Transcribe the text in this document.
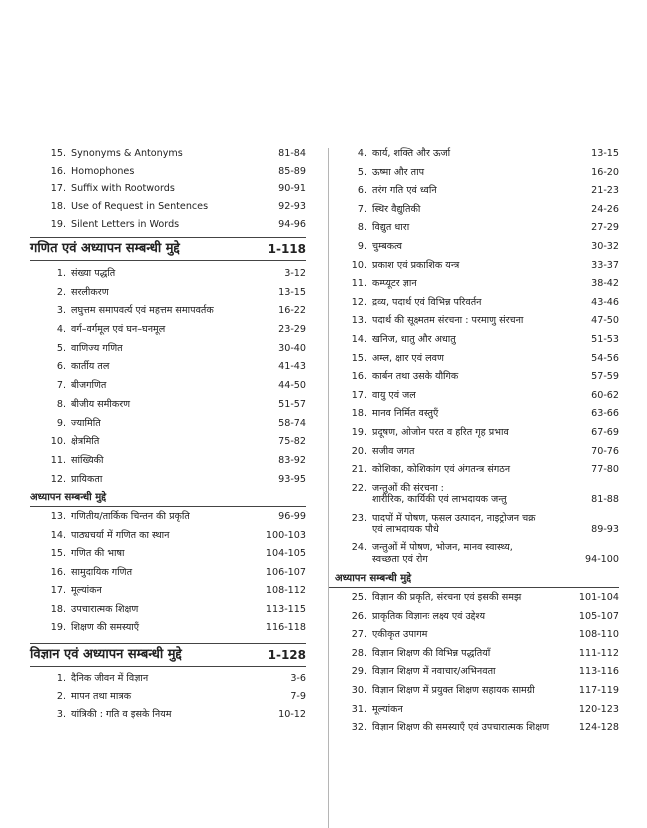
15. Synonyms & Antonyms	81-84
16. Homophones	85-89
17. Suffix with Rootwords	90-91
18. Use of Request in Sentences	92-93
19. Silent Letters in Words	94-96
गणित एवं अध्यापन सम्बन्धी मुद्दे	1-118
1. संख्या पद्धति	3-12
2. सरलीकरण	13-15
3. लघुत्तम समापवर्त्य एवं महत्तम समापवर्तक	16-22
4. वर्ग–वर्गमूल एवं घन–घनमूल	23-29
5. वाणिज्य गणित	30-40
6. कार्तीय तल	41-43
7. बीजगणित	44-50
8. बीजीय समीकरण	51-57
9. ज्यामिति	58-74
10. क्षेत्रमिति	75-82
11. सांख्यिकी	83-92
12. प्रायिकता	93-95
अध्यापन सम्बन्धी मुद्दे
13. गणितीय/तार्किक चिन्तन की प्रकृति	96-99
14. पाठ्यचर्या में गणित का स्थान	100-103
15. गणित की भाषा	104-105
16. सामुदायिक गणित	106-107
17. मूल्यांकन	108-112
18. उपचारात्मक शिक्षण	113-115
19. शिक्षण की समस्याएँ	116-118
विज्ञान एवं अध्यापन सम्बन्धी मुद्दे	1-128
1. दैनिक जीवन में विज्ञान	3-6
2. मापन तथा मात्रक	7-9
3. यांत्रिकी : गति व इसके नियम	10-12
4. कार्य, शक्ति और ऊर्जा	13-15
5. ऊष्मा और ताप	16-20
6. तरंग गति एवं ध्वनि	21-23
7. स्थिर वैद्युतिकी	24-26
8. विद्युत धारा	27-29
9. चुम्बकत्व	30-32
10. प्रकाश एवं प्रकाशिक यन्त्र	33-37
11. कम्प्यूटर ज्ञान	38-42
12. द्रव्य, पदार्थ एवं विभिन्न परिवर्तन	43-46
13. पदार्थ की सूक्ष्मतम संरचना : परमाणु संरचना	47-50
14. खनिज, धातु और अधातु	51-53
15. अम्ल, क्षार एवं लवण	54-56
16. कार्बन तथा उसके यौगिक	57-59
17. वायु एवं जल	60-62
18. मानव निर्मित वस्तुएँ	63-66
19. प्रदूषण, ओजोन परत व हरित गृह प्रभाव	67-69
20. सजीव जगत	70-76
21. कोशिका, कोशिकांग एवं अंगतन्त्र संगठन	77-80
22. जन्तुओं की संरचना :
शारीरिक, कार्यिकी एवं लाभदायक जन्तु	81-88
23. पादपों में पोषण, फसल उत्पादन, नाइट्रोजन चक्र
एवं लाभदायक पौधे	89-93
24. जन्तुओं में पोषण, भोजन, मानव स्वास्थ्य,
स्वच्छता एवं रोग	94-100
अध्यापन सम्बन्धी मुद्दे
25. विज्ञान की प्रकृति, संरचना एवं इसकी समझ	101-104
26. प्राकृतिक विज्ञानः लक्ष्य एवं उद्देश्य	105-107
27. एकीकृत उपागम	108-110
28. विज्ञान शिक्षण की विभिन्न पद्धतियाँ	111-112
29. विज्ञान शिक्षण में नवाचार/अभिनवता	113-116
30. विज्ञान शिक्षण में प्रयुक्त शिक्षण सहायक सामग्री	117-119
31. मूल्यांकन	120-123
32. विज्ञान शिक्षण की समस्याएँ एवं उपचारात्मक शिक्षण	124-128
